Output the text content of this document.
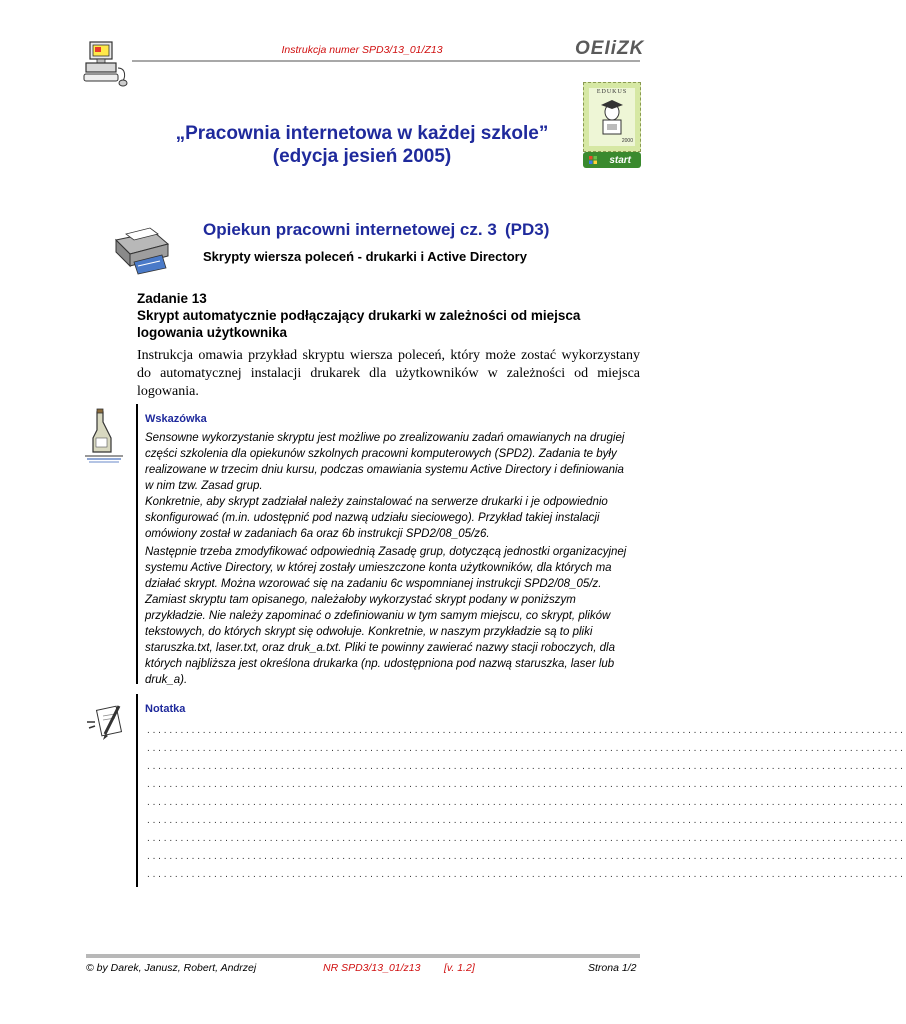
Instrukcja numer SPD3/13_01/Z13	OEIiZK
EDUKUS
2000
start
„Pracownia internetowa w każdej szkole”
(edycja jesień 2005)
Opiekun pracowni internetowej cz. 3 (PD3)
Skrypty wiersza poleceń - drukarki i Active Directory
Zadanie 13
Skrypt automatycznie podłączający drukarki w zależności od miejsca
logowania użytkownika
Instrukcja omawia przykład skryptu wiersza poleceń, który może zostać wykorzystany do automatycznej instalacji drukarek dla użytkowników w zależności od miejsca logowania.
Wskazówka
Sensowne wykorzystanie skryptu jest możliwe po zrealizowaniu zadań omawianych na drugiej części szkolenia dla opiekunów szkolnych pracowni komputerowych (SPD2). Zadania te były realizowane w trzecim dniu kursu, podczas omawiania systemu Active Directory i definiowania w nim tzw. Zasad grup.
Konkretnie, aby skrypt zadziałał należy zainstalować na serwerze drukarki i je odpowiednio skonfigurować (m.in. udostępnić pod nazwą udziału sieciowego). Przykład takiej instalacji omówiony został w zadaniach 6a oraz 6b instrukcji SPD2/08_05/z6.
Następnie trzeba zmodyfikować odpowiednią Zasadę grup, dotyczącą jednostki organizacyjnej systemu Active Directory, w której zostały umieszczone konta użytkowników, dla których ma działać skrypt. Można wzorować się na zadaniu 6c wspomnianej instrukcji SPD2/08_05/z. Zamiast skryptu tam opisanego, należałoby wykorzystać skrypt podany w poniższym przykładzie. Nie należy zapominać o zdefiniowaniu w tym samym miejscu, co skrypt, plików tekstowych, do których skrypt się odwołuje. Konkretnie, w naszym przykładzie są to pliki staruszka.txt, laser.txt, oraz druk_a.txt. Pliki te powinny zawierać nazwy stacji roboczych, dla których najbliższa jest określona drukarka (np. udostępniona pod nazwą staruszka, laser lub druk_a).
Notatka
........................................................................................................................................
........................................................................................................................................
........................................................................................................................................
........................................................................................................................................
........................................................................................................................................
........................................................................................................................................
........................................................................................................................................
........................................................................................................................................
........................................................................................................................................
© by Darek, Janusz, Robert, Andrzej	NR SPD3/13_01/z13 [v. 1.2]	Strona 1/2
